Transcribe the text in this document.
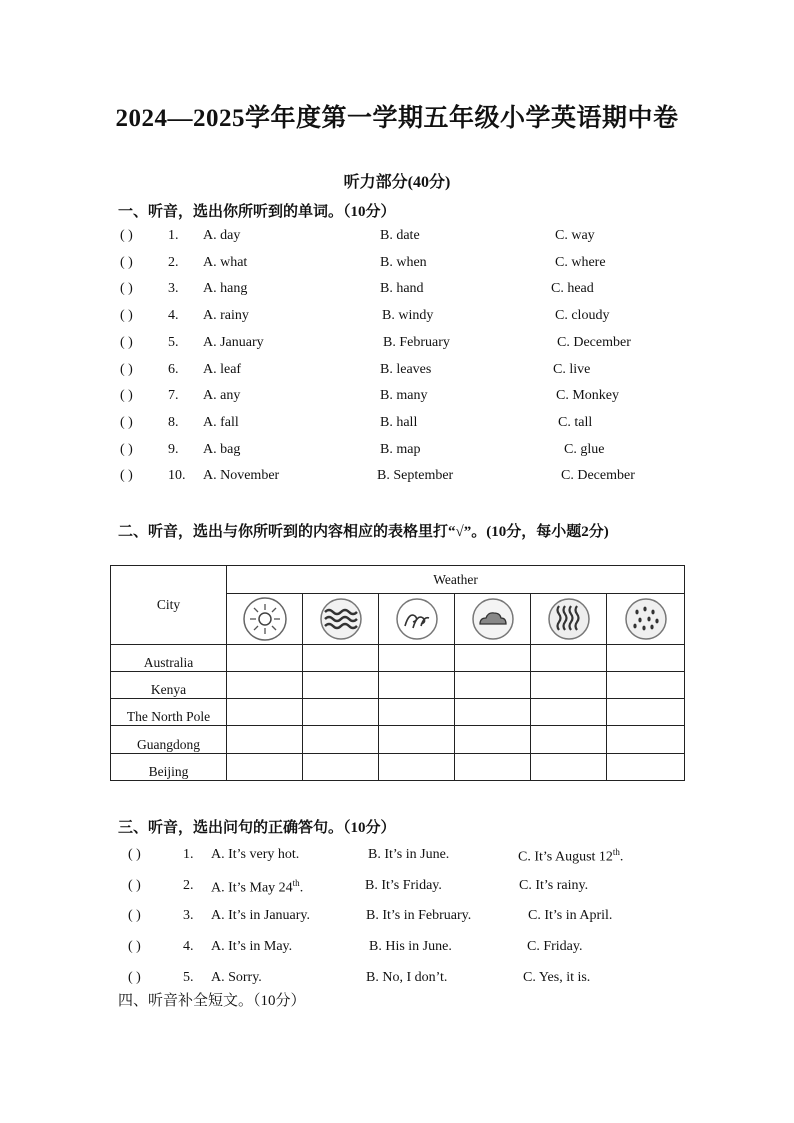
2024—2025学年度第一学期五年级小学英语期中卷
听力部分(40分)
一、听音，选出你所听到的单词。（10分）
( )	1. A. day	B. date	C. way
( )	2. A. what	B. when	C. where
( )	3. A. hang	B. hand	C. head
( )	4. A. rainy	B. windy	C. cloudy
( )	5. A. January	B. February	C. December
( )	6. A. leaf	B. leaves	C. live
( )	7. A. any	B. many	C. Monkey
( )	8. A. fall	B. hall	C. tall
( )	9. A. bag	B. map	C. glue
( )	10. A. November	B. September	C. December
二、听音，选出与你所听到的内容相应的表格里打“√”。(10分，每小题2分)
City	Weather					

Australia						
Kenya						
The North Pole						
Guangdong						
Beijing						
三、听音，选出问句的正确答句。（10分）
( )	1. A. It’s very hot.	B. It’s in June.	C. It’s August 12th.
( )	2. A. It’s May 24th.	B. It’s Friday.	C. It’s rainy.
( )	3. A. It’s in January.	B. It’s in February.	C. It’s in April.
( )	4. A. It’s in May.	B. His in June.	C. Friday.
( )	5. A. Sorry.	B. No, I don’t.	C. Yes, it is.
四、听音补全短文。（10分）
